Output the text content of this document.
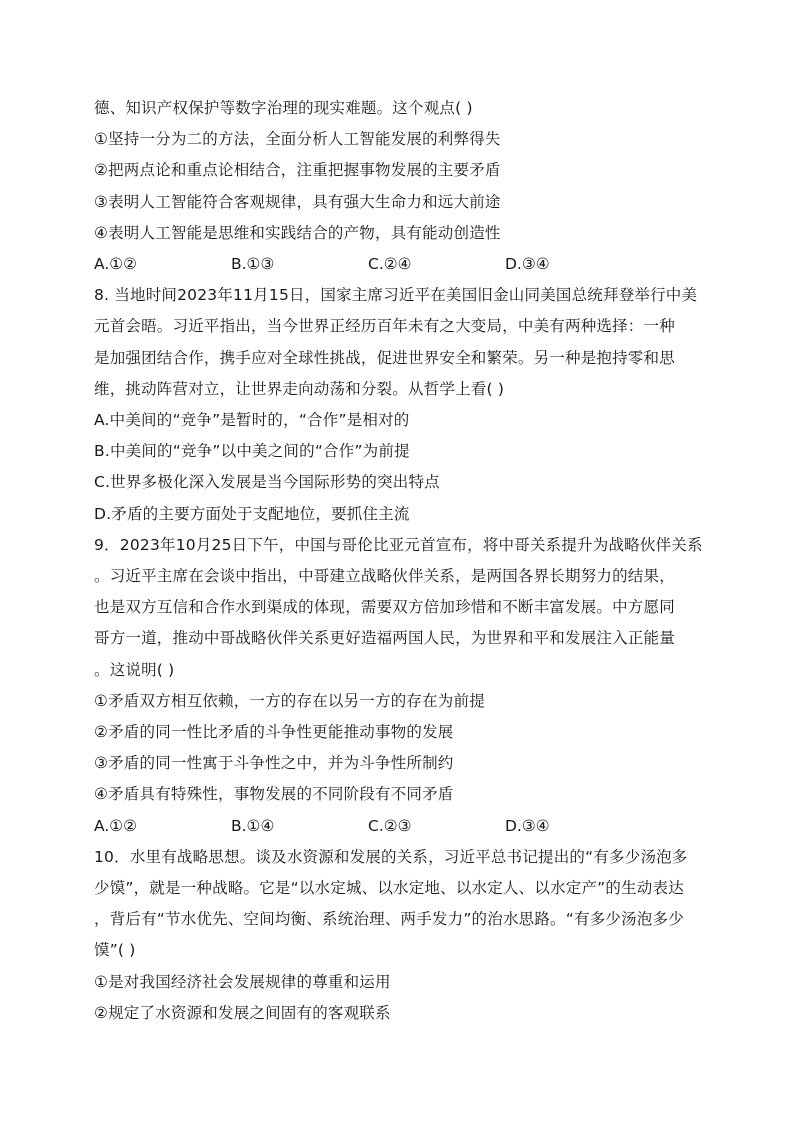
德、知识产权保护等数字治理的现实难题。这个观点( )
①坚持一分为二的方法，全面分析人工智能发展的利弊得失
②把两点论和重点论相结合，注重把握事物发展的主要矛盾
③表明人工智能符合客观规律，具有强大生命力和远大前途
④表明人工智能是思维和实践结合的产物，具有能动创造性
A.①②	B.①③	C.②④	D.③④
8. 当地时间2023年11月15日，国家主席习近平在美国旧金山同美国总统拜登举行中美
元首会晤。习近平指出，当今世界正经历百年未有之大变局，中美有两种选择：一种
是加强团结合作，携手应对全球性挑战，促进世界安全和繁荣。另一种是抱持零和思
维，挑动阵营对立，让世界走向动荡和分裂。从哲学上看( )
A.中美间的“竞争”是暂时的，“合作”是相对的
B.中美间的“竞争”以中美之间的“合作”为前提
C.世界多极化深入发展是当今国际形势的突出特点
D.矛盾的主要方面处于支配地位，要抓住主流
9．2023年10月25日下午，中国与哥伦比亚元首宣布，将中哥关系提升为战略伙伴关系
。习近平主席在会谈中指出，中哥建立战略伙伴关系，是两国各界长期努力的结果，
也是双方互信和合作水到渠成的体现，需要双方倍加珍惜和不断丰富发展。中方愿同
哥方一道，推动中哥战略伙伴关系更好造福两国人民，为世界和平和发展注入正能量
。这说明( )
①矛盾双方相互依赖，一方的存在以另一方的存在为前提
②矛盾的同一性比矛盾的斗争性更能推动事物的发展
③矛盾的同一性寓于斗争性之中，并为斗争性所制约
④矛盾具有特殊性，事物发展的不同阶段有不同矛盾
A.①②	B.①④	C.②③	D.③④
10．水里有战略思想。谈及水资源和发展的关系，习近平总书记提出的“有多少汤泡多
少馍”，就是一种战略。它是“以水定城、以水定地、以水定人、以水定产”的生动表达
，背后有“节水优先、空间均衡、系统治理、两手发力”的治水思路。“有多少汤泡多少
馍”( )
①是对我国经济社会发展规律的尊重和运用
②规定了水资源和发展之间固有的客观联系
